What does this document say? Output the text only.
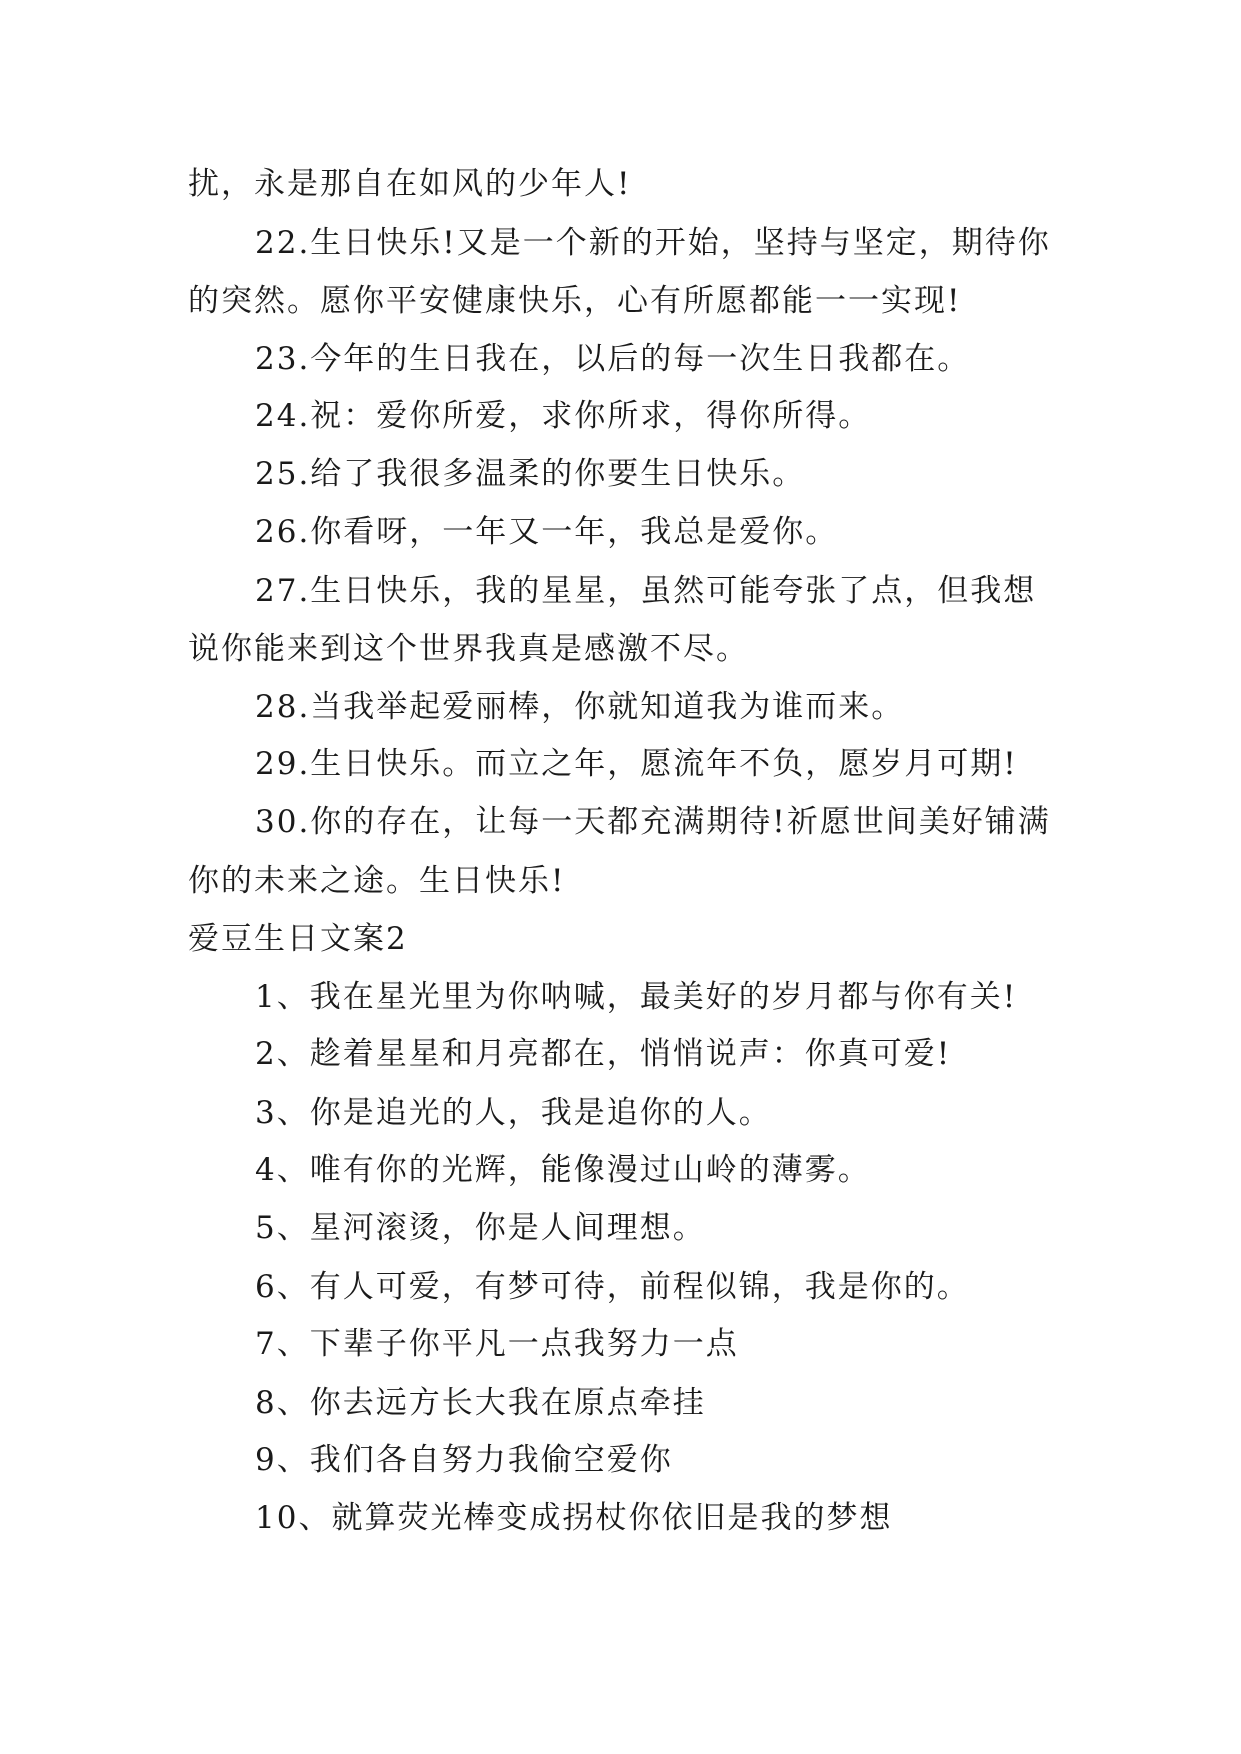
扰，永是那自在如风的少年人!
22.生日快乐!又是一个新的开始，坚持与坚定，期待你
的突然。愿你平安健康快乐，心有所愿都能一一实现!
23.今年的生日我在，以后的每一次生日我都在。
24.祝：爱你所爱，求你所求，得你所得。
25.给了我很多温柔的你要生日快乐。
26.你看呀，一年又一年，我总是爱你。
27.生日快乐，我的星星，虽然可能夸张了点，但我想
说你能来到这个世界我真是感激不尽。
28.当我举起爱丽棒，你就知道我为谁而来。
29.生日快乐。而立之年，愿流年不负，愿岁月可期!
30.你的存在，让每一天都充满期待!祈愿世间美好铺满
你的未来之途。生日快乐!
爱豆生日文案2
1、我在星光里为你呐喊，最美好的岁月都与你有关!
2、趁着星星和月亮都在，悄悄说声：你真可爱!
3、你是追光的人，我是追你的人。
4、唯有你的光辉，能像漫过山岭的薄雾。
5、星河滚烫，你是人间理想。
6、有人可爱，有梦可待，前程似锦，我是你的。
7、下辈子你平凡一点我努力一点
8、你去远方长大我在原点牵挂
9、我们各自努力我偷空爱你
10、就算荧光棒变成拐杖你依旧是我的梦想
